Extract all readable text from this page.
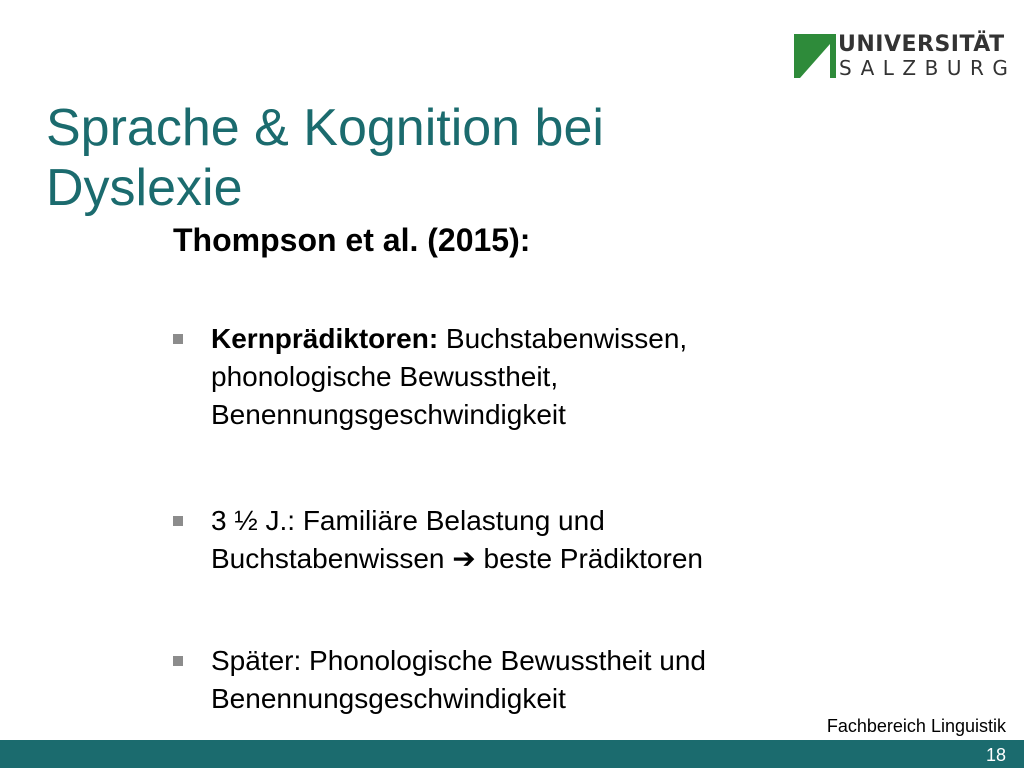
UNIVERSITÄT
SALZBURG
Sprache & Kognition bei
Dyslexie
Thompson et al. (2015):
Kernprädiktoren: Buchstabenwissen,
phonologische Bewusstheit,
Benennungsgeschwindigkeit
3 ½ J.: Familiäre Belastung und
Buchstabenwissen ➔ beste Prädiktoren
Später: Phonologische Bewusstheit und
Benennungsgeschwindigkeit
Fachbereich Linguistik
18
